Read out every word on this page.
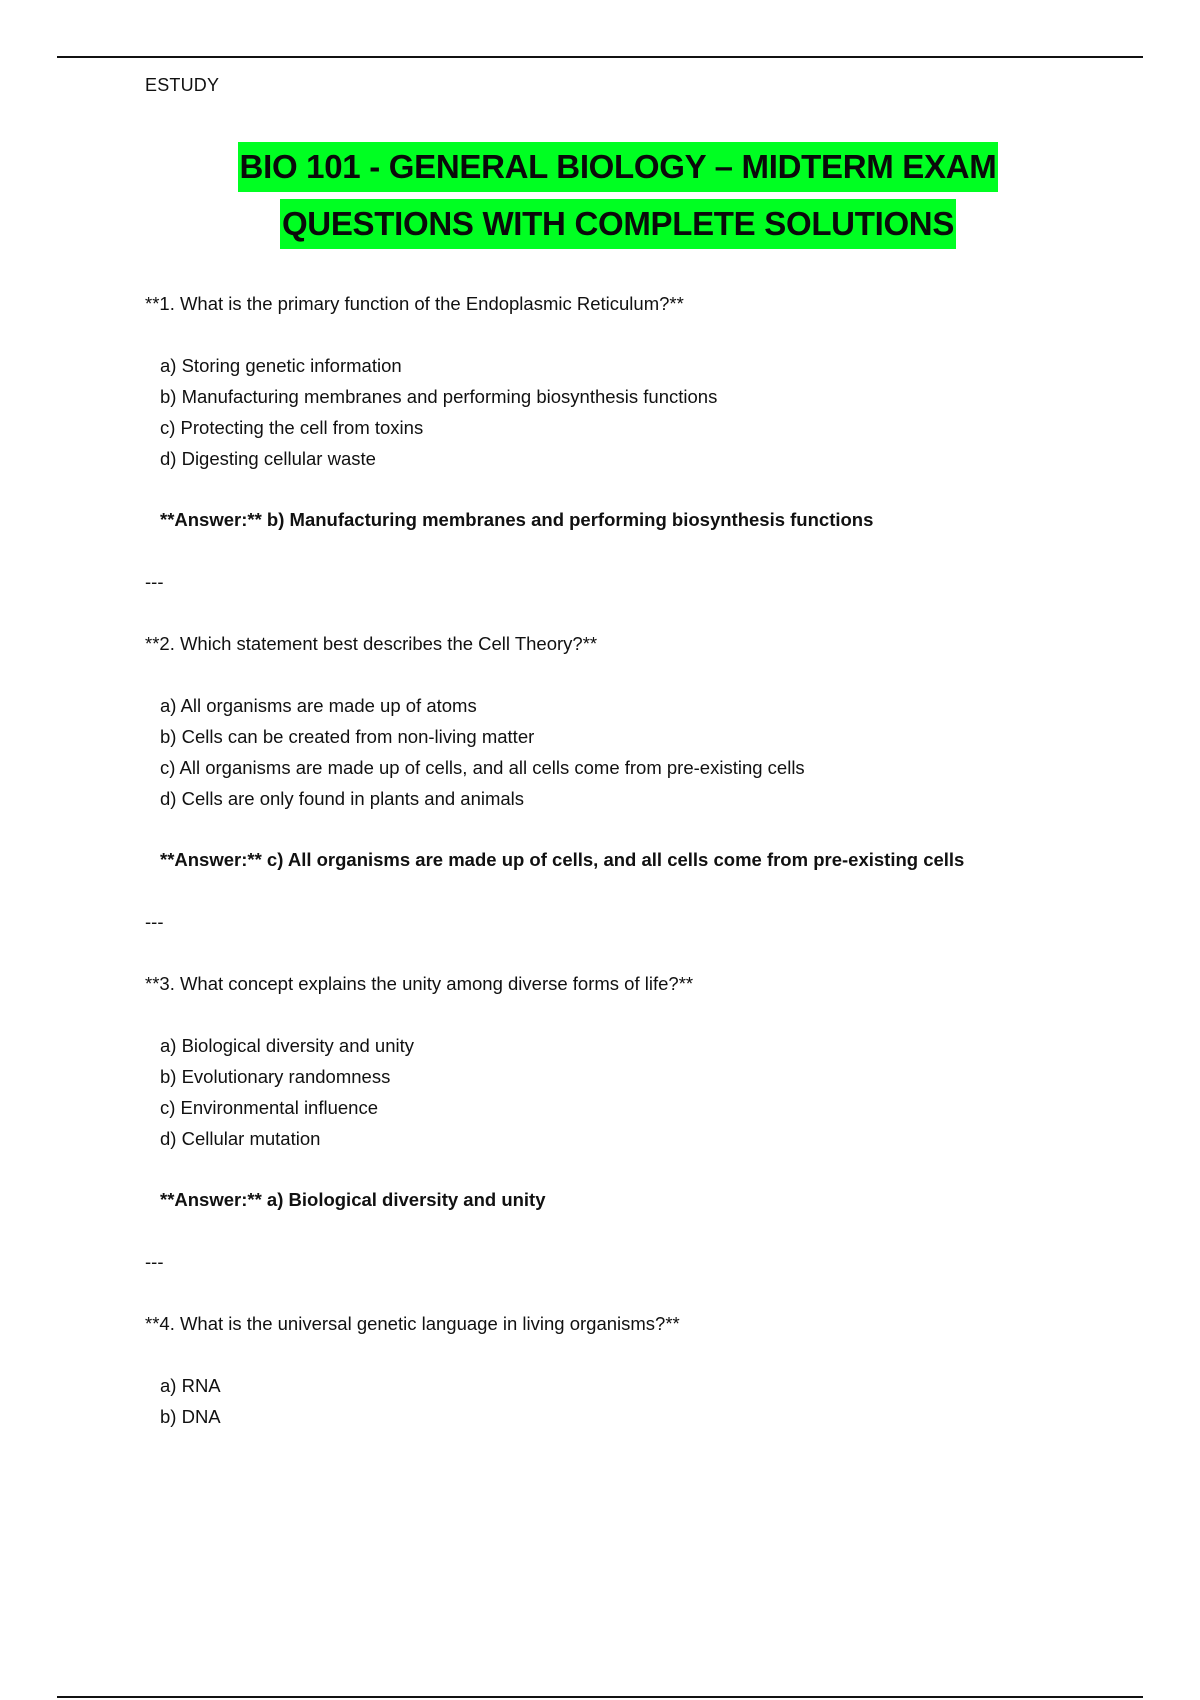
ESTUDY
BIO 101 - GENERAL BIOLOGY – MIDTERM EXAM
QUESTIONS WITH COMPLETE SOLUTIONS
**1. What is the primary function of the Endoplasmic Reticulum?**
a) Storing genetic information
b) Manufacturing membranes and performing biosynthesis functions
c) Protecting the cell from toxins
d) Digesting cellular waste
**Answer:** b) Manufacturing membranes and performing biosynthesis functions
---
**2. Which statement best describes the Cell Theory?**
a) All organisms are made up of atoms
b) Cells can be created from non-living matter
c) All organisms are made up of cells, and all cells come from pre-existing cells
d) Cells are only found in plants and animals
**Answer:** c) All organisms are made up of cells, and all cells come from pre-existing cells
---
**3. What concept explains the unity among diverse forms of life?**
a) Biological diversity and unity
b) Evolutionary randomness
c) Environmental influence
d) Cellular mutation
**Answer:** a) Biological diversity and unity
---
**4. What is the universal genetic language in living organisms?**
a) RNA
b) DNA
